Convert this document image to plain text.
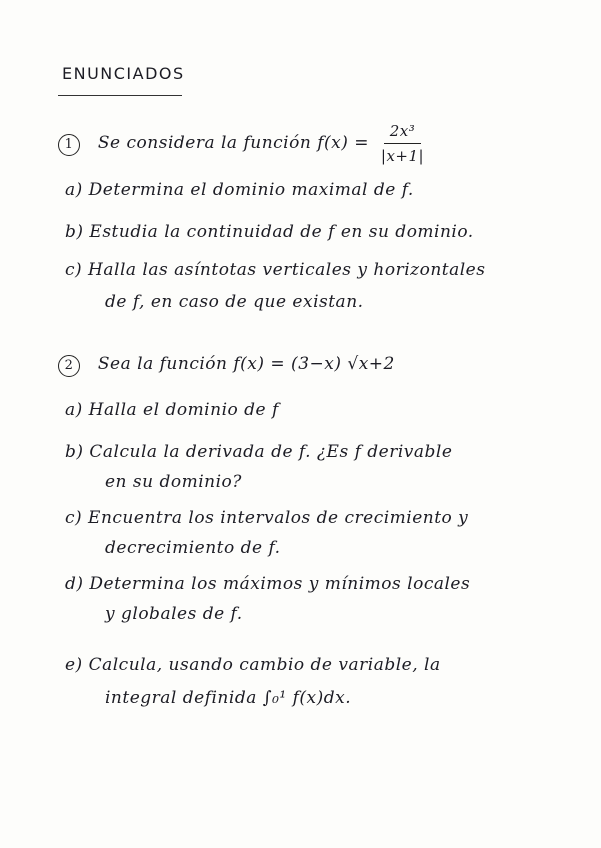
ENUNCIADOS
1 Se considera la función $f(x) = \frac{\text{2x³}}{|x+1|}$
a) Determina el dominio maximal de f.
b) Estudia la continuidad de f en su dominio.
c) Halla las asíntotas verticales y horizontales
de f, en caso de que existan.
2 Sea la función f(x) = (3−x) √x+2
a) Halla el dominio de f
b) Calcula la derivada de f. ¿Es f derivable
en su dominio?
c) Encuentra los intervalos de crecimiento y
decrecimiento de f.
d) Determina los máximos y mínimos locales
y globales de f.
e) Calcula, usando cambio de variable, la
integral definida ∫₀¹ f(x)dx.
